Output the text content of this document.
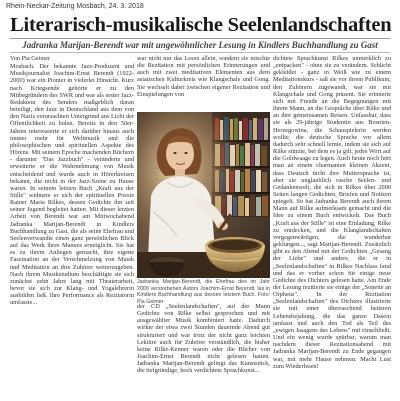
Rhein-Neckar-Zeitung Mosbach, 24. 3. 2018
Literarisch-musikalische Seelenlandschaften
Jadranka Marijan-Berendt war mit ungewöhnlicher Lesung in Kindlers Buchhandlung zu Gast
Von Pia Geimer

Mosbach. Der bekannte Jazz-Produzent und Musikjournalist Joachim-Ernst Berendt (1922-2000) war ein Pionier in vielerlei Hinsicht. Kurz nach Kriegsende gehörte er zu den Mitbegründern des SWR und war als erster Jazz-Redakteur des Senders maßgeblich daran beteiligt, den Jazz in Deutschland aus dem von den Nazis verursachten Untergrund ans Licht der Öffentlichkeit zu holen. Bereits in den 50er-Jahren interessierte er sich darüber hinaus auch immer mehr für Weltmusik und die philosophischen und spirituellen Aspekte des Hörens. Mit seinem Epoche machenden Büchern - darunter "Das Jazzbuch" - veränderte und erweiterte er die Wahrnehmung von Musik entscheidend und wurde auch in Hörerkreisen bekannt, die nicht in der Jazz-Szene zu Hause waren. In seinem letzten Buch „Kraft aus der Stille" widmete er sich der spirituellen Poesie Rainer Maria Rilkes, dessen Gedichte ihn seit seiner Jugend begleitet hatten. Mit dieser letzten Arbeit von Berendt war am Mittwochabend Jadranka Marijan-Berendt in Kindlers Buchhandlung zu Gast, die als seine Ehefrau und Seelenverwandte einen ganz persönlichen Blick auf das Werk ihres Mannes ermöglicht. Sie hat es zu ihrem Anliegen gemacht, ihre eigene Faszination an der Verschmelzung von Musik und Meditation an ihre Zuhörer weiterzugeben. Nach ihrem Musikstudium beschäftigte sie sich zunächst zehn Jahre lang mit Theaterarbeit, bevor sie sich zur Klang- und Yogalehrerin ausbilden ließ. Ihre Performance als Rezitatorin umfasste...

war nicht nur das Lesen allein, sondern sie mischte die Rezitation mit persönlichen Erinnerungen und auch mit zwei meditativen Elementen aus dem asiatischen Kulturkreis wie Klangschale und Gong. Sie wechselt dabei zwischen eigener Rezitation und Einspielungen von

Jadranka Marijan-Berendt, die Ehefrau des im Jahr 2000 verstorbenen Autors Joachim-Ernst Berendt, las in Kindlers Buchhandlung aus dessen letztem Buch. Foto: Pia Geimer

der CD „Seelenlandschaften", auf der Mann Gedichte von Rilke selbst gesprochen und mit ausgewählter Musik kombiniert hatte. Dadurch wirkte der etwa zwei Stunden dauernde Abend gut strukturiert und war trotz der nicht ganz leichten Lektüre auch für Zuhörer verständlich, die bisher keine Rilke-Kenner waren oder die Bücher von Joachim-Ernst Berendt nicht gelesen hatten. Jadranka Marijan-Berendt gelingt das Kunststück, die tiefgründige, hoch verdichtete Sprachkunst...

dichtete Sprachkunst Rilkes unmerklich zu „entpacken" - ohne sie zu verändern. Schlicht gekleidet - ganz in Weiß wie zu einem Meditationskurs - saß sie vor ihrem Publikum, den Zuhörern zugewandt, war sie mit Klangschale und Gong präsent. Sie erinnerte sich mit Freude an die Begegnungen mit ihrem Mann, an die Gespräche über Rilke und an ihre gemeinsamen Reisen. Unfassbar, dass sie als 29-jährige Studentin aus Bosnien-Herzegowina, die Schauspielerin werden wollte, die deutsche Sprache vor allem dadurch sehr schnell lernte, indem sie sich auf Rilke stürzte, bei dem es ja gilt, jedes Wort auf die Goldwaage zu legen. Auch heute noch hört man an einem charmanten kleinen Akzent, dass Deutsch nicht ihre Muttersprache ist, aber sie unglaublich rasche Seelen- und Gedankenwelt, die sich in Rilkes über 2000 Seiten langen Gedichten, Briefen und Notizen spiegelt. So hat Jadranka Berendt auch ihrem Mann auf Rilke aufmerksam gemacht und die Idee zu einem Buch entwickelt. Das Buch „Kraft aus der Stille" ist eine Einladung, Rilke zu entdecken, und die Klanglandschaften vergegenwärtigen, die wunderbar geklungen..., sagt Marijan-Berendt. Zusätzlich gibt es den Abend mit der Gedichten „Gesang der Liebe" und andere, die er in „Seelenlandschaften" in Rilkes Nachlass fand und das er vorher schon für einige neue Gedichte des Dichters gelesen hatte. Am Ende der Lesung rezitierte sie einige der „Sonette an Orpheus". In der Rezitation „Seelenlandschaften" des Dichters illustrierte sie mit einer überraschend heiteren Lebensbejahung, die das ganze Dasein umfasst und auch den Tod als Teil des „ewigen Jasagens des Lebens" mit einschließt. Und ein wenig wurde spürbar, warum man nachdem dieser Rezitationsabend mit Jadranka Marijan-Berendt zu Ende gegangen war, mit mehr Hause nehmen. Macht Lust zum Wiederlesen!
